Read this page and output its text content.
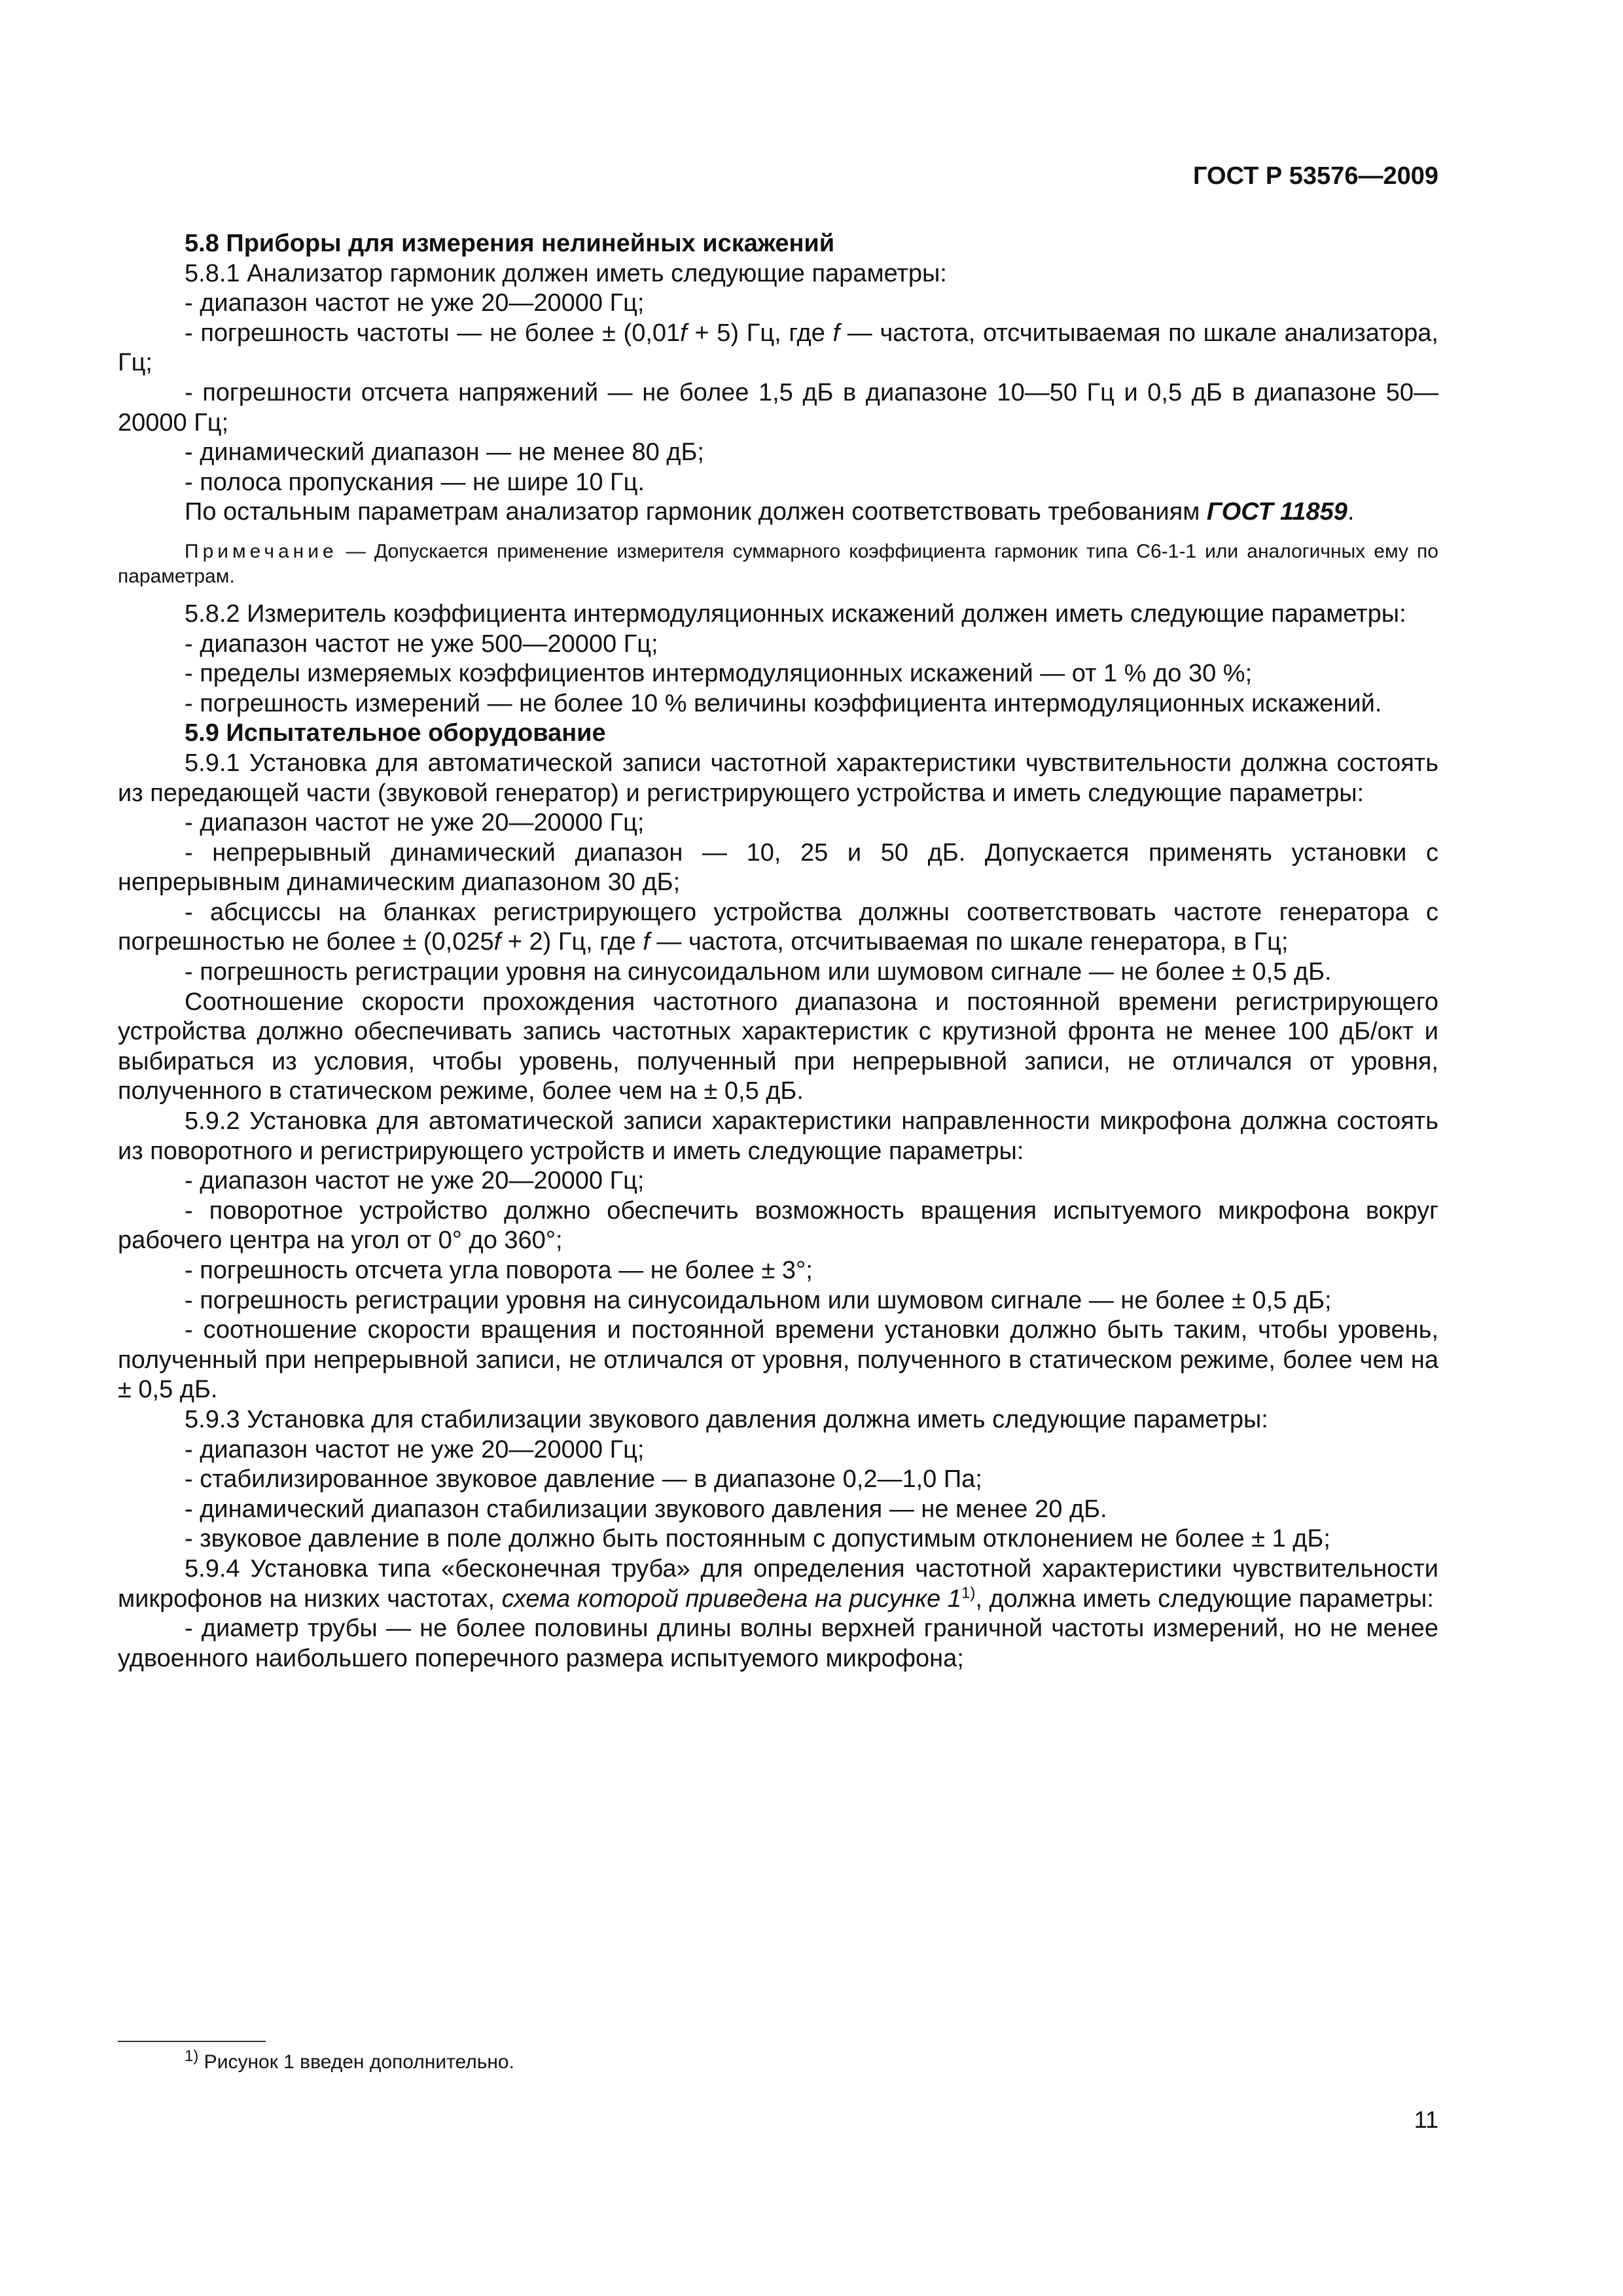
ГОСТ Р 53576—2009

5.8 Приборы для измерения нелинейных искажений

5.8.1 Анализатор гармоник должен иметь следующие параметры:

- диапазон частот не уже 20—20000 Гц;

- погрешность частоты — не более ± (0,01f + 5) Гц, где f — частота, отсчитываемая по шкале анализатора, Гц;

- погрешности отсчета напряжений — не более 1,5 дБ в диапазоне 10—50 Гц и 0,5 дБ в диапазоне 50—20000 Гц;

- динамический диапазон — не менее 80 дБ;

- полоса пропускания — не шире 10 Гц.

По остальным параметрам анализатор гармоник должен соответствовать требованиям ГОСТ 11859.

Примечание — Допускается применение измерителя суммарного коэффициента гармоник типа С6-1-1 или аналогичных ему по параметрам.

5.8.2 Измеритель коэффициента интермодуляционных искажений должен иметь следующие параметры:

- диапазон частот не уже 500—20000 Гц;

- пределы измеряемых коэффициентов интермодуляционных искажений — от 1 % до 30 %;

- погрешность измерений — не более 10 % величины коэффициента интермодуляционных искажений.

5.9 Испытательное оборудование

5.9.1 Установка для автоматической записи частотной характеристики чувствительности должна состоять из передающей части (звуковой генератор) и регистрирующего устройства и иметь следующие параметры:

- диапазон частот не уже 20—20000 Гц;

- непрерывный динамический диапазон — 10, 25 и 50 дБ. Допускается применять установки с непрерывным динамическим диапазоном 30 дБ;

- абсциссы на бланках регистрирующего устройства должны соответствовать частоте генератора с погрешностью не более ± (0,025f + 2) Гц, где f — частота, отсчитываемая по шкале генератора, в Гц;

- погрешность регистрации уровня на синусоидальном или шумовом сигнале — не более ± 0,5 дБ.

Соотношение скорости прохождения частотного диапазона и постоянной времени регистрирующего устройства должно обеспечивать запись частотных характеристик с крутизной фронта не менее 100 дБ/окт и выбираться из условия, чтобы уровень, полученный при непрерывной записи, не отличался от уровня, полученного в статическом режиме, более чем на ± 0,5 дБ.

5.9.2 Установка для автоматической записи характеристики направленности микрофона должна состоять из поворотного и регистрирующего устройств и иметь следующие параметры:

- диапазон частот не уже 20—20000 Гц;

- поворотное устройство должно обеспечить возможность вращения испытуемого микрофона вокруг рабочего центра на угол от 0° до 360°;

- погрешность отсчета угла поворота — не более ± 3°;

- погрешность регистрации уровня на синусоидальном или шумовом сигнале — не более ± 0,5 дБ;

- соотношение скорости вращения и постоянной времени установки должно быть таким, чтобы уровень, полученный при непрерывной записи, не отличался от уровня, полученного в статическом режиме, более чем на ± 0,5 дБ.

5.9.3 Установка для стабилизации звукового давления должна иметь следующие параметры:

- диапазон частот не уже 20—20000 Гц;

- стабилизированное звуковое давление — в диапазоне 0,2—1,0 Па;

- динамический диапазон стабилизации звукового давления — не менее 20 дБ.

- звуковое давление в поле должно быть постоянным с допустимым отклонением не более ± 1 дБ;

5.9.4 Установка типа «бесконечная труба» для определения частотной характеристики чувствительности микрофонов на низких частотах, схема которой приведена на рисунке 1$^{1)}$, должна иметь следующие параметры:

- диаметр трубы — не более половины длины волны верхней граничной частоты измерений, но не менее удвоенного наибольшего поперечного размера испытуемого микрофона;

$^{1)}$ Рисунок 1 введен дополнительно.
11
